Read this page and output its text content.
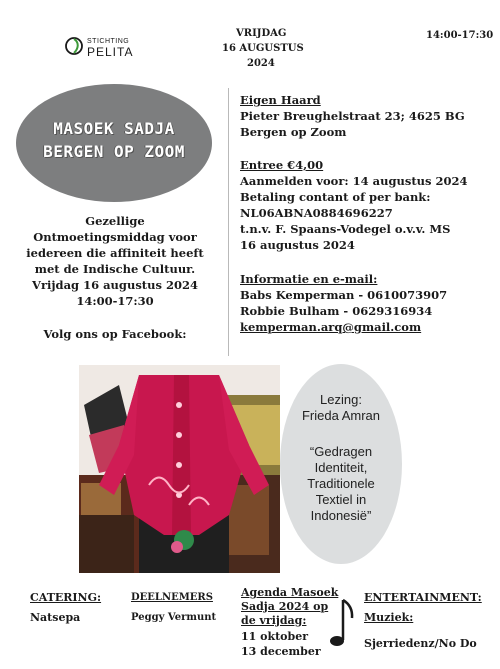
STICHTING
PELITA
VRIJDAG
16 AUGUSTUS
2024
14:00-17:30
MASOEK SADJA
BERGEN OP ZOOM
Gezellige
Ontmoetingsmiddag voor
iedereen die affiniteit heeft
met de Indische Cultuur.
Vrijdag 16 augustus 2024
14:00-17:30
Volg ons op Facebook:
Eigen Haard
Pieter Breughelstraat 23; 4625 BG
Bergen op Zoom
Entree €4,00
Aanmelden voor: 14 augustus 2024
Betaling contant of per bank:
NL06ABNA0884696227
t.n.v. F. Spaans-Vodegel o.v.v. MS
16 augustus 2024
Informatie en e-mail:
Babs Kemperman - 0610073907
Robbie Bulham - 0629316934
kemperman.arq@gmail.com
Lezing:
Frieda Amran
“Gedragen
Identiteit,
Traditionele
Textiel in
Indonesië”
CATERING:
Natsepa
DEELNEMERS
Peggy Vermunt
Agenda Masoek
Sadja 2024 op
de vrijdag:
11 oktober
13 december
ENTERTAINMENT:
Muziek:
Sjerriedenz/No Do
